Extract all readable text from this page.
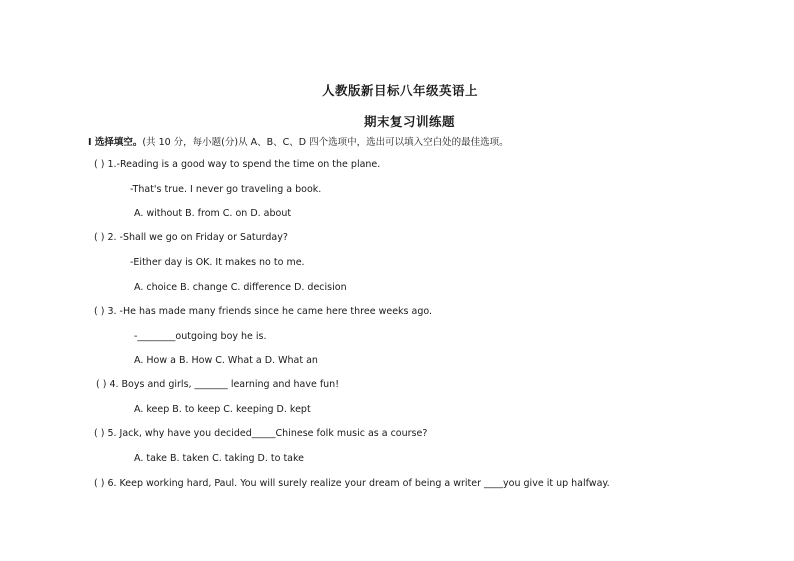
人教版新目标八年级英语上
期末复习训练题
I 选择填空。(共 10 分，每小题(分)从 A、B、C、D 四个选项中，选出可以填入空白处的最佳选项。
( ) 1.-Reading is a good way to spend the time on the plane.
-That's true. I never go traveling a book.
A. without B. from C. on D. about
( ) 2. -Shall we go on Friday or Saturday?
-Either day is OK. It makes no to me.
A. choice B. change C. difference D. decision
( ) 3. -He has made many friends since he came here three weeks ago.
-________outgoing boy he is.
A. How a B. How C. What a D. What an
( ) 4. Boys and girls, _______ learning and have fun!
A. keep B. to keep C. keeping D. kept
( ) 5. Jack, why have you decided_____Chinese folk music as a course?
A. take B. taken C. taking D. to take
( ) 6. Keep working hard, Paul. You will surely realize your dream of being a writer ____you give it up halfway.
